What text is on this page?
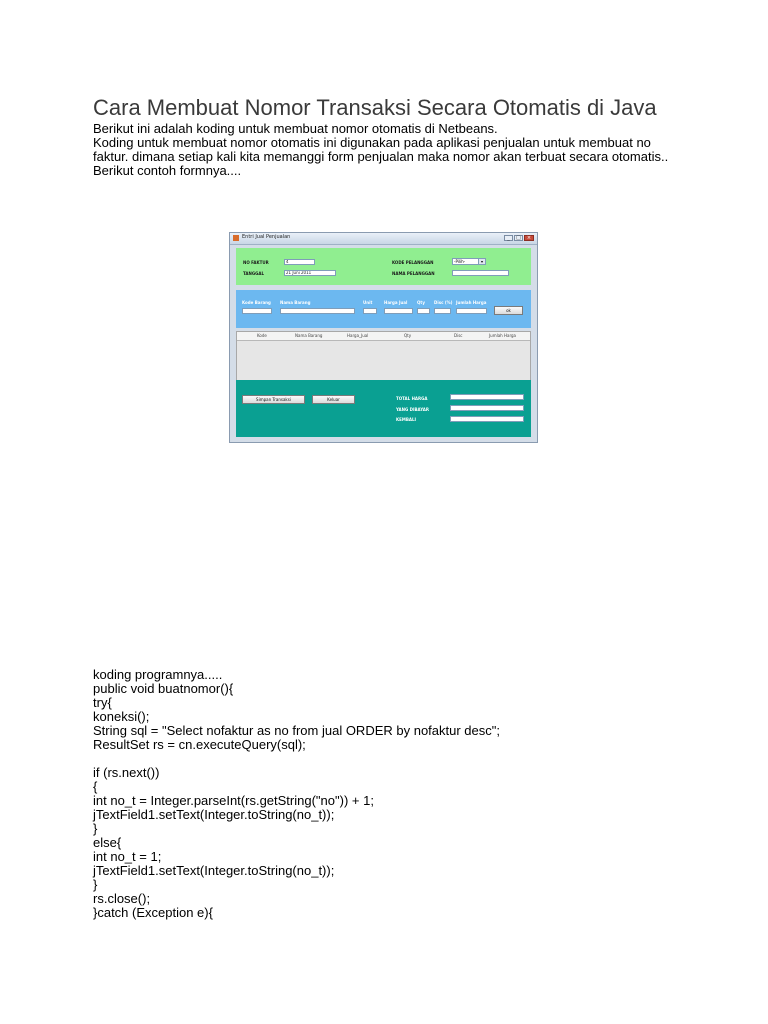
Cara Membuat Nomor Transaksi Secara Otomatis di Java

Berikut ini adalah koding untuk membuat nomor otomatis di Netbeans.

Koding untuk membuat nomor otomatis ini digunakan pada aplikasi penjualan untuk membuat no

faktur. dimana setiap kali kita memanggi form penjualan maka nomor akan terbuat secara otomatis..

Berikut contoh formnya....

Entri Jual Penjualan	_	□	×
NO FAKTUR	4
TANGGAL	21 Juni 2011
KODE PELANGGAN	-Pilih-	▾
NAMA PELANGGAN
Kode Barang Nama Barang	Unit	Harga Jual Qty Disc (%) Jumlah Harga
ok
Kode	Nama Barang	Harga_Jual	Qty	Disc	Jumlah Harga
Simpan Transaksi	Keluar	TOTAL HARGA
YANG DIBAYAR
KEMBALI
koding programnya.....
public void buatnomor(){
try{
koneksi();
String sql = "Select nofaktur as no from jual ORDER by nofaktur desc";
ResultSet rs = cn.executeQuery(sql);
if (rs.next())
{
int no_t = Integer.parseInt(rs.getString("no")) + 1;
jTextField1.setText(Integer.toString(no_t));
}
else{
int no_t = 1;
jTextField1.setText(Integer.toString(no_t));
}
rs.close();
}catch (Exception e){
